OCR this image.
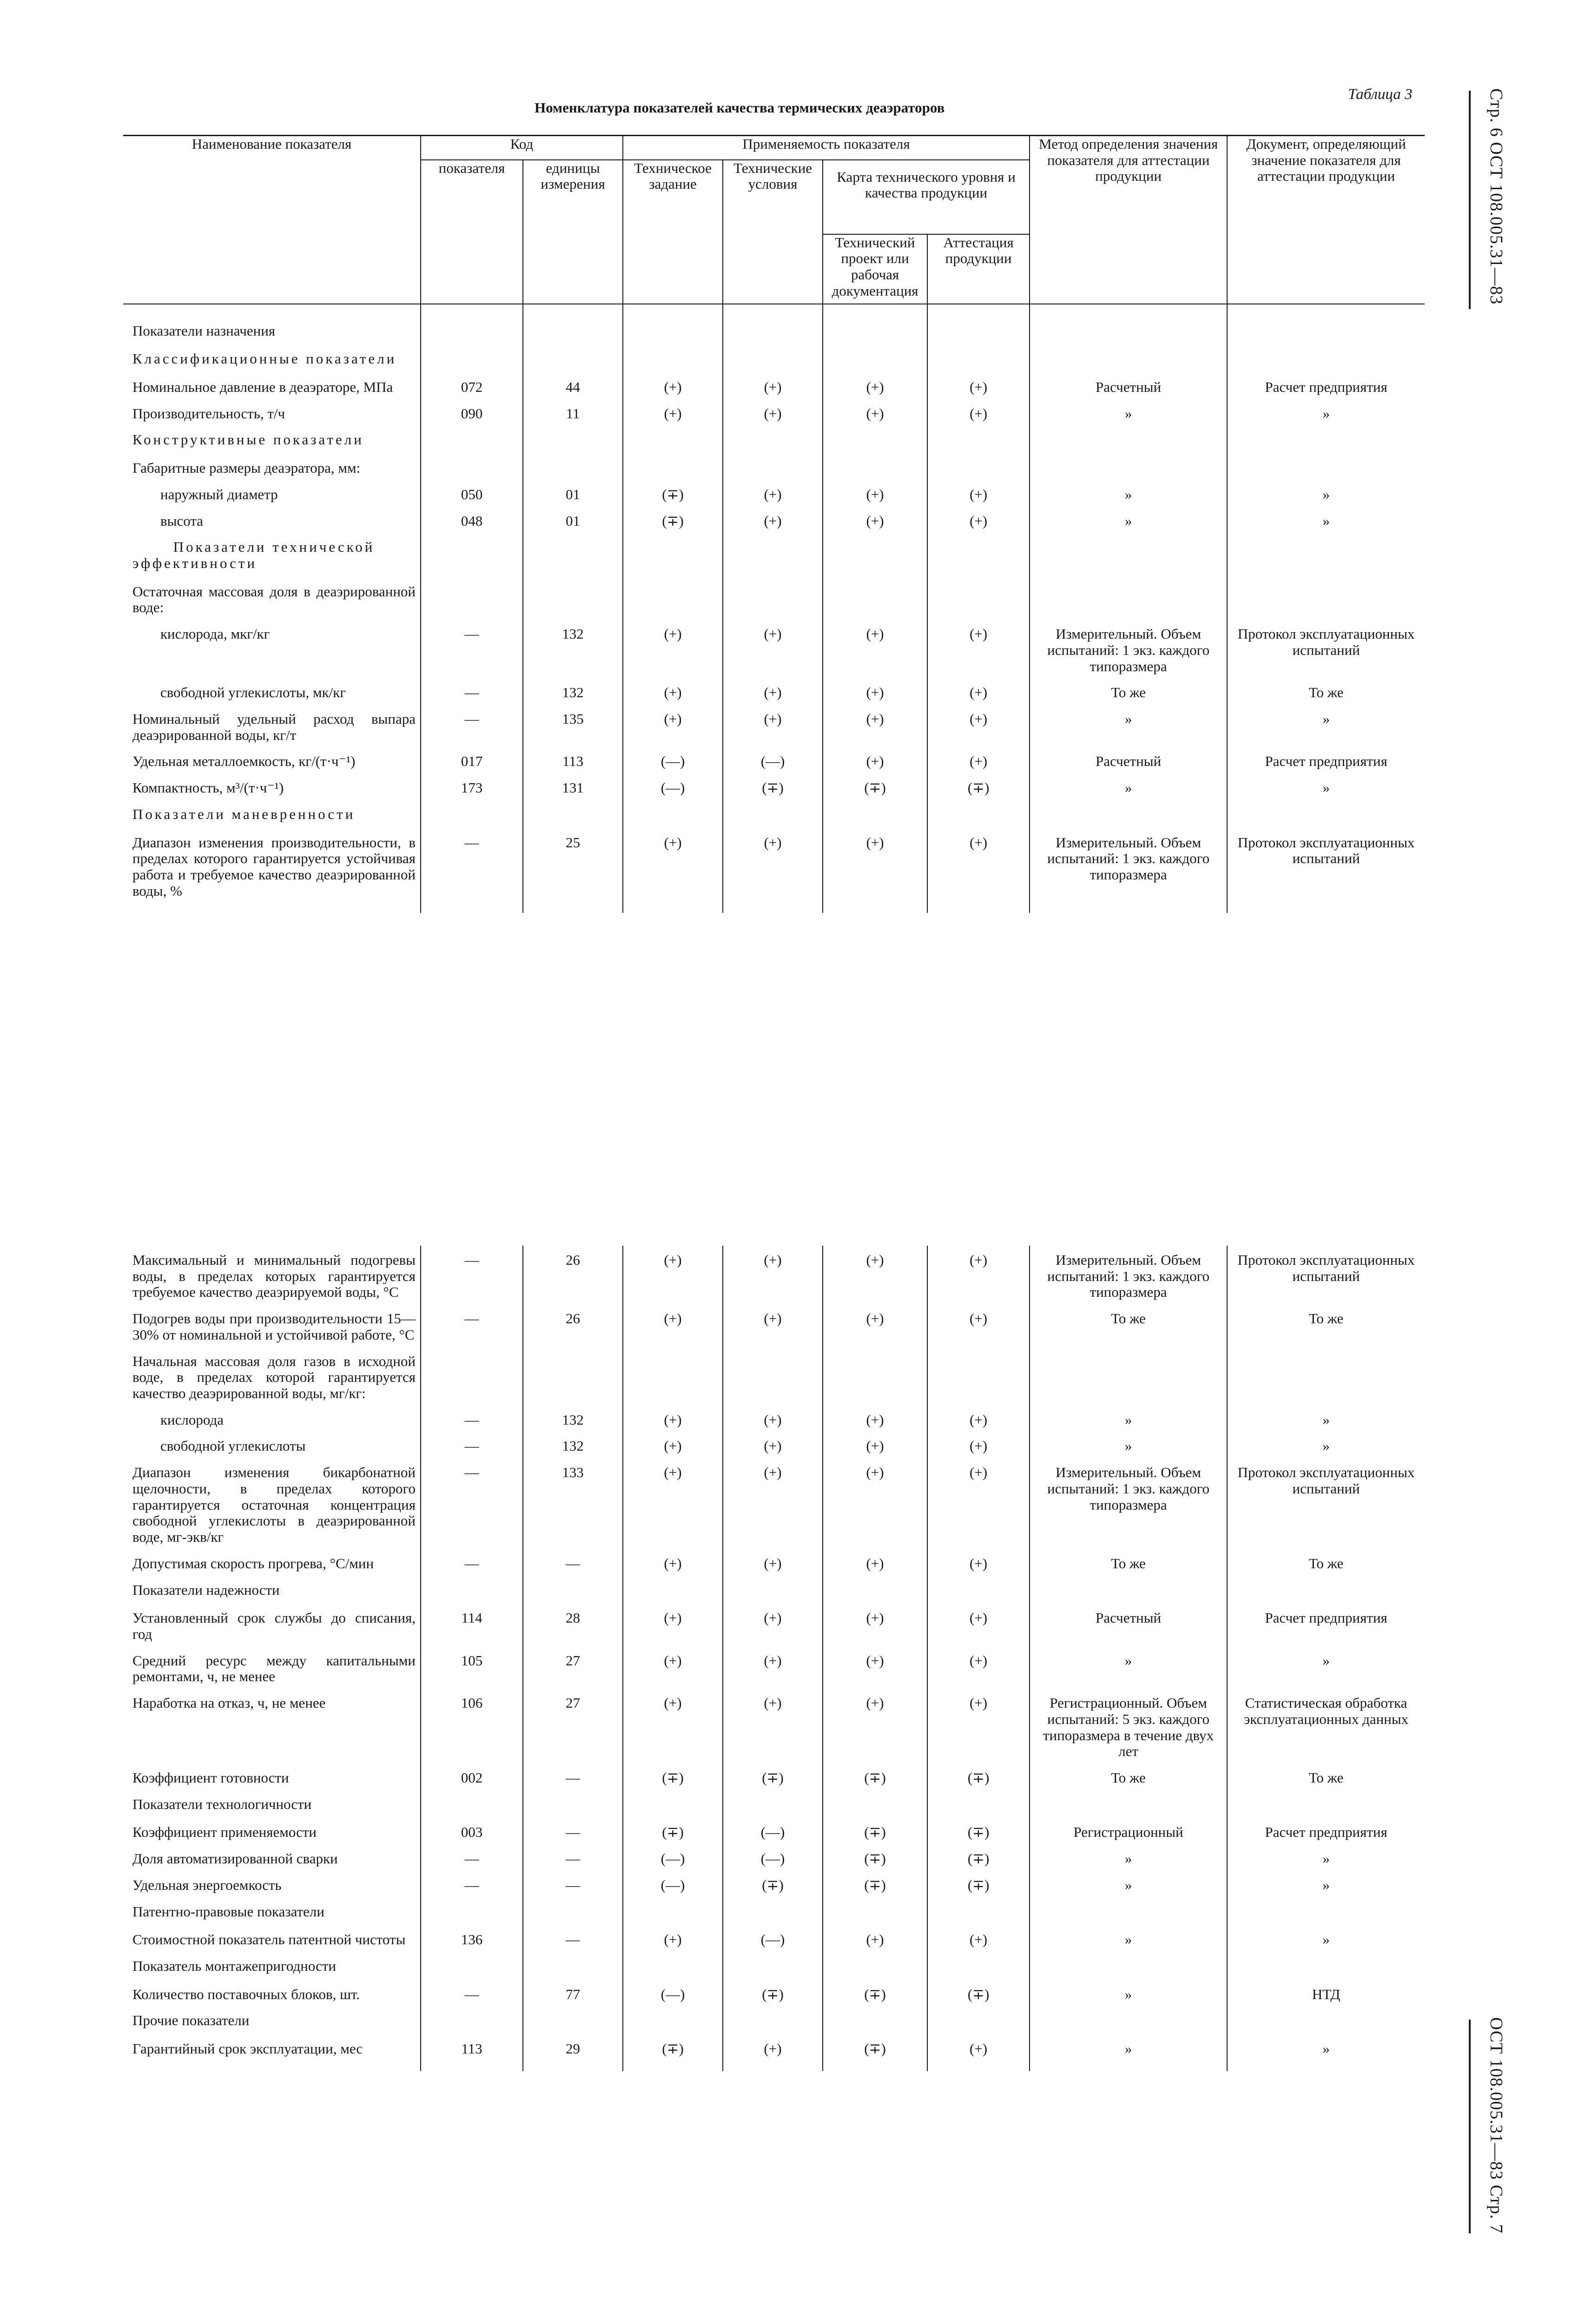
Стр. 6 ОСТ 108.005.31—83
ОСТ 108.005.31—83 Стр. 7
Таблица 3
Номенклатура показателей качества термических деаэраторов
Наименование показателя	Код		Применяемость показателя				Метод определения значения показателя для аттестации продукции	Документ, определяющий значение показателя для аттестации продукции
	показателя	единицы измерения	Техническое задание	Технические условия				
					Карта технического уровня и качества продукции			
					Технический проект или рабочая документация	Аттестация продукции		
Показатели назначения								
Классификационные показатели								
Номинальное давление в деаэраторе, МПа	072	44	(+)	(+)	(+)	(+)	Расчетный	Расчет предприятия
Производительность, т/ч	090	11	(+)	(+)	(+)	(+)	»	»
Конструктивные показатели								
Габаритные размеры деаэратора, мм:								
наружный диаметр	050	01	(∓)	(+)	(+)	(+)	»	»
высота	048	01	(∓)	(+)	(+)	(+)	»	»
Показатели технической эффективности								
Остаточная массовая доля в деаэрированной воде:								
кислорода, мкг/кг	—	132	(+)	(+)	(+)	(+)	Измерительный. Объем испытаний: 1 экз. каждого типоразмера	Протокол эксплуатационных испытаний
свободной углекислоты, мк/кг	—	132	(+)	(+)	(+)	(+)	То же	То же
Номинальный удельный расход выпара деаэрированной воды, кг/т	—	135	(+)	(+)	(+)	(+)	»	»
Удельная металлоемкость, кг/(т·ч⁻¹)	017	113	(—)	(—)	(+)	(+)	Расчетный	Расчет предприятия
Компактность, м³/(т·ч⁻¹)	173	131	(—)	(∓)	(∓)	(∓)	»	»
Показатели маневренности								
Диапазон изменения производительности, в пределах которого гарантируется устойчивая работа и требуемое качество деаэрированной воды, %	—	25	(+)	(+)	(+)	(+)	Измерительный. Объем испытаний: 1 экз. каждого типоразмера	Протокол эксплуатационных испытаний

Максимальный и минимальный подогревы воды, в пределах которых гарантируется требуемое качество деаэрируемой воды, °С	—	26	(+)	(+)	(+)	(+)	Измерительный. Объем испытаний: 1 экз. каждого типоразмера	Протокол эксплуатационных испытаний
Подогрев воды при производительности 15—30% от номинальной и устойчивой работе, °С	—	26	(+)	(+)	(+)	(+)	То же	То же
Начальная массовая доля газов в исходной воде, в пределах которой гарантируется качество деаэрированной воды, мг/кг:								
кислорода	—	132	(+)	(+)	(+)	(+)	»	»
свободной углекислоты	—	132	(+)	(+)	(+)	(+)	»	»
Диапазон изменения бикарбонатной щелочности, в пределах которого гарантируется остаточная концентрация свободной углекислоты в деаэрированной воде, мг-экв/кг	—	133	(+)	(+)	(+)	(+)	Измерительный. Объем испытаний: 1 экз. каждого типоразмера	Протокол эксплуатационных испытаний
Допустимая скорость прогрева, °С/мин	—	—	(+)	(+)	(+)	(+)	То же	То же
Показатели надежности								
Установленный срок службы до списания, год	114	28	(+)	(+)	(+)	(+)	Расчетный	Расчет предприятия
Средний ресурс между капитальными ремонтами, ч, не менее	105	27	(+)	(+)	(+)	(+)	»	»
Наработка на отказ, ч, не менее	106	27	(+)	(+)	(+)	(+)	Регистрационный. Объем испытаний: 5 экз. каждого типоразмера в течение двух лет	Статистическая обработка эксплуатационных данных
Коэффициент готовности	002	—	(∓)	(∓)	(∓)	(∓)	То же	То же
Показатели технологичности								
Коэффициент применяемости	003	—	(∓)	(—)	(∓)	(∓)	Регистрационный	Расчет предприятия
Доля автоматизированной сварки	—	—	(—)	(—)	(∓)	(∓)	»	»
Удельная энергоемкость	—	—	(—)	(∓)	(∓)	(∓)	»	»
Патентно-правовые показатели								
Стоимостной показатель патентной чистоты	136	—	(+)	(—)	(+)	(+)	»	»
Показатель монтажепригодности								
Количество поставочных блоков, шт.	—	77	(—)	(∓)	(∓)	(∓)	»	НТД
Прочие показатели								
Гарантийный срок эксплуатации, мес	113	29	(∓)	(+)	(∓)	(+)	»	»
